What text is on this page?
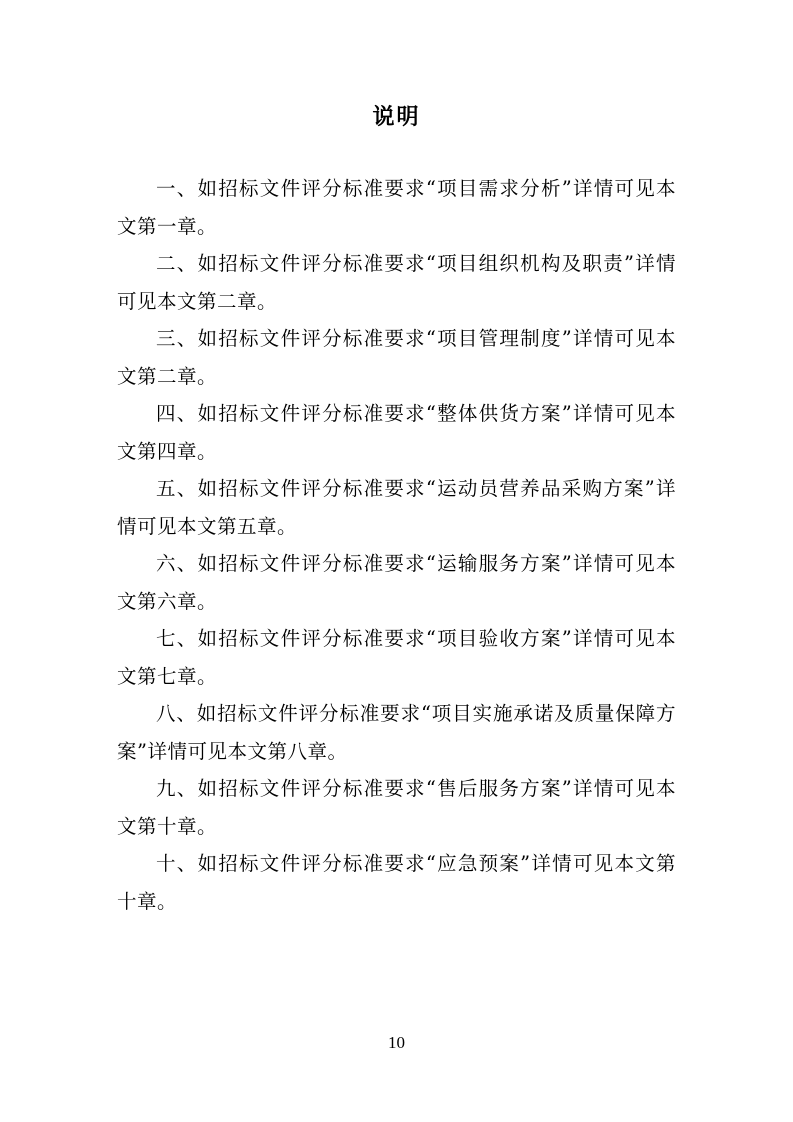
说明

一、如招标文件评分标准要求“项目需求分析”详情可见本文第一章。

二、如招标文件评分标准要求“项目组织机构及职责”详情可见本文第二章。

三、如招标文件评分标准要求“项目管理制度”详情可见本文第二章。

四、如招标文件评分标准要求“整体供货方案”详情可见本文第四章。

五、如招标文件评分标准要求“运动员营养品采购方案”详情可见本文第五章。

六、如招标文件评分标准要求“运输服务方案”详情可见本文第六章。

七、如招标文件评分标准要求“项目验收方案”详情可见本文第七章。

八、如招标文件评分标准要求“项目实施承诺及质量保障方案”详情可见本文第八章。

九、如招标文件评分标准要求“售后服务方案”详情可见本文第十章。

十、如招标文件评分标准要求“应急预案”详情可见本文第十章。

10
